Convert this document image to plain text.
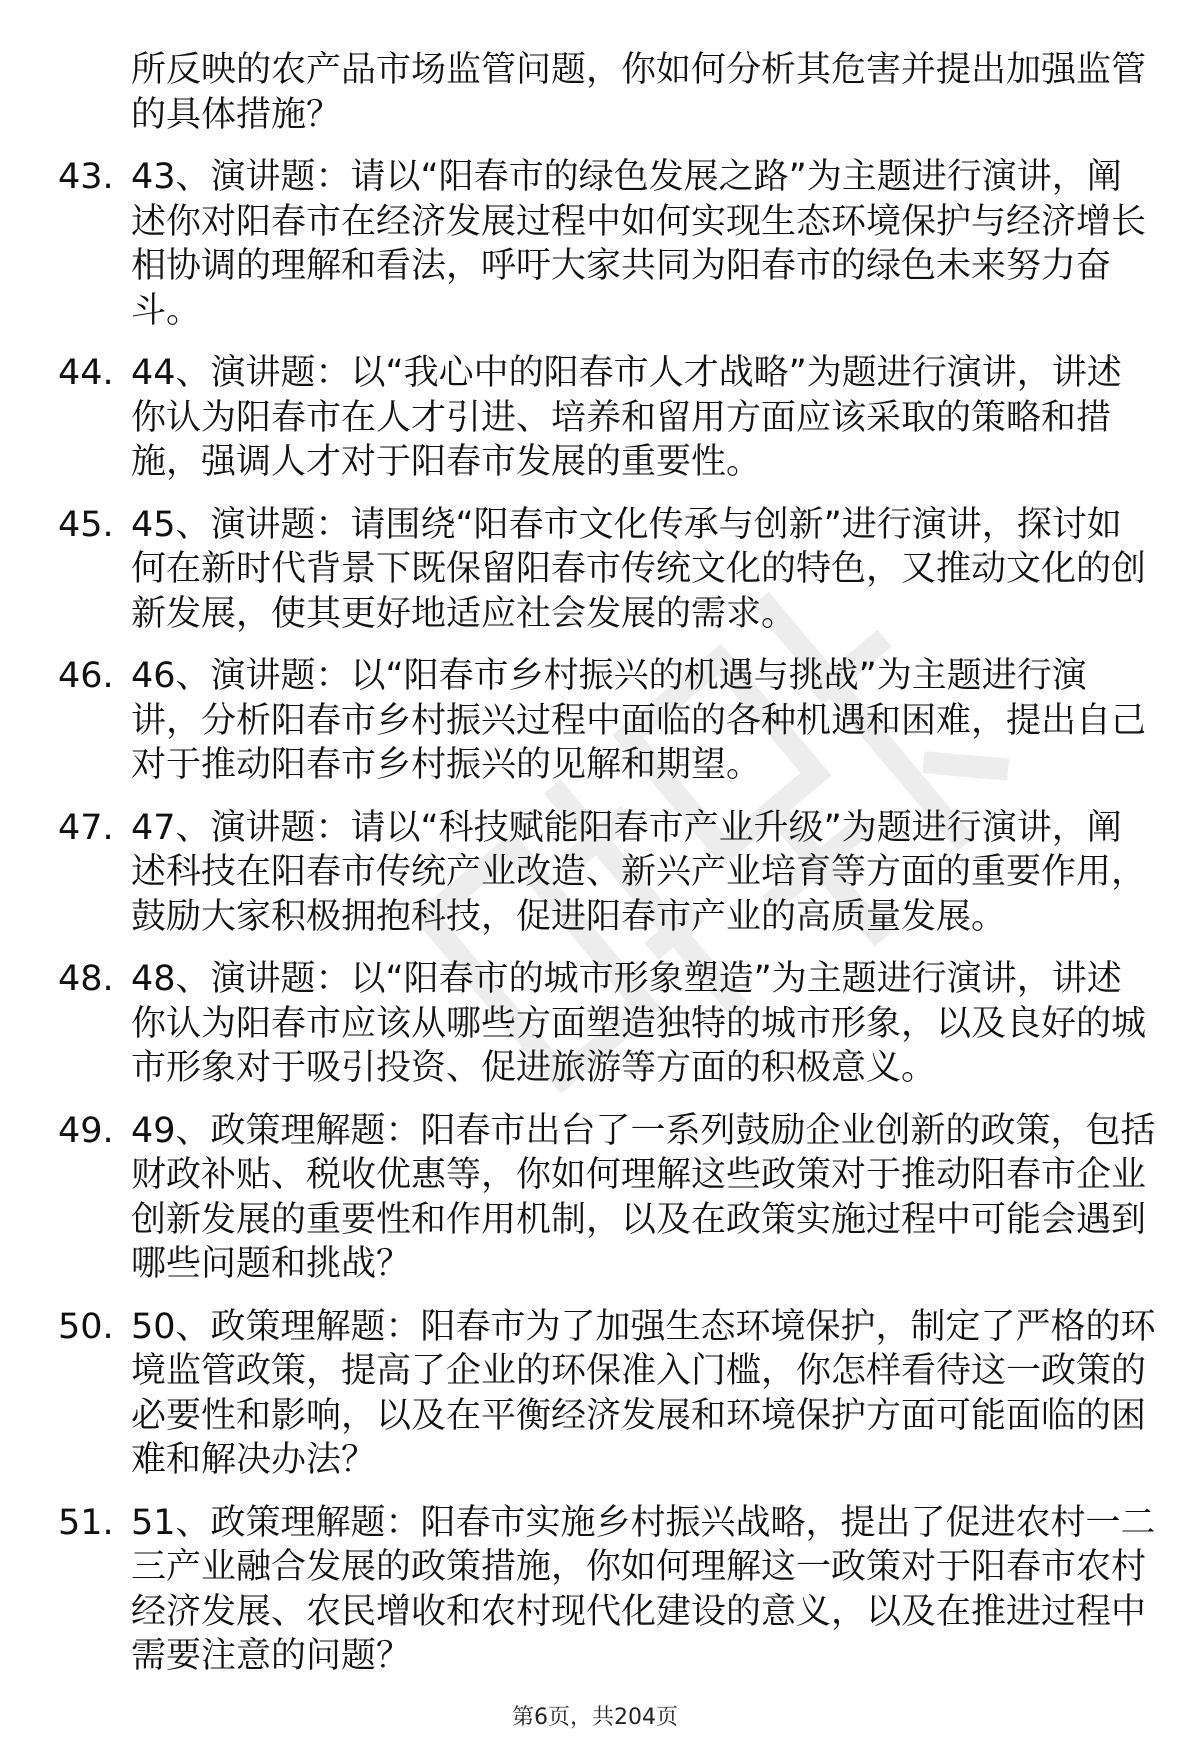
所反映的农产品市场监管问题，你如何分析其危害并提出加强监管的具体措施？
43. 43、演讲题：请以“阳春市的绿色发展之路”为主题进行演讲，阐述你对阳春市在经济发展过程中如何实现生态环境保护与经济增长相协调的理解和看法，呼吁大家共同为阳春市的绿色未来努力奋斗。
44. 44、演讲题：以“我心中的阳春市人才战略”为题进行演讲，讲述你认为阳春市在人才引进、培养和留用方面应该采取的策略和措施，强调人才对于阳春市发展的重要性。
45. 45、演讲题：请围绕“阳春市文化传承与创新”进行演讲，探讨如何在新时代背景下既保留阳春市传统文化的特色，又推动文化的创新发展，使其更好地适应社会发展的需求。
46. 46、演讲题：以“阳春市乡村振兴的机遇与挑战”为主题进行演讲，分析阳春市乡村振兴过程中面临的各种机遇和困难，提出自己对于推动阳春市乡村振兴的见解和期望。
47. 47、演讲题：请以“科技赋能阳春市产业升级”为题进行演讲，阐述科技在阳春市传统产业改造、新兴产业培育等方面的重要作用，鼓励大家积极拥抱科技，促进阳春市产业的高质量发展。
48. 48、演讲题：以“阳春市的城市形象塑造”为主题进行演讲，讲述你认为阳春市应该从哪些方面塑造独特的城市形象，以及良好的城市形象对于吸引投资、促进旅游等方面的积极意义。
49. 49、政策理解题：阳春市出台了一系列鼓励企业创新的政策，包括财政补贴、税收优惠等，你如何理解这些政策对于推动阳春市企业创新发展的重要性和作用机制，以及在政策实施过程中可能会遇到哪些问题和挑战？
50. 50、政策理解题：阳春市为了加强生态环境保护，制定了严格的环境监管政策，提高了企业的环保准入门槛，你怎样看待这一政策的必要性和影响，以及在平衡经济发展和环境保护方面可能面临的困难和解决办法？
51. 51、政策理解题：阳春市实施乡村振兴战略，提出了促进农村一二三产业融合发展的政策措施，你如何理解这一政策对于阳春市农村经济发展、农民增收和农村现代化建设的意义，以及在推进过程中需要注意的问题？
第6页，共204页
